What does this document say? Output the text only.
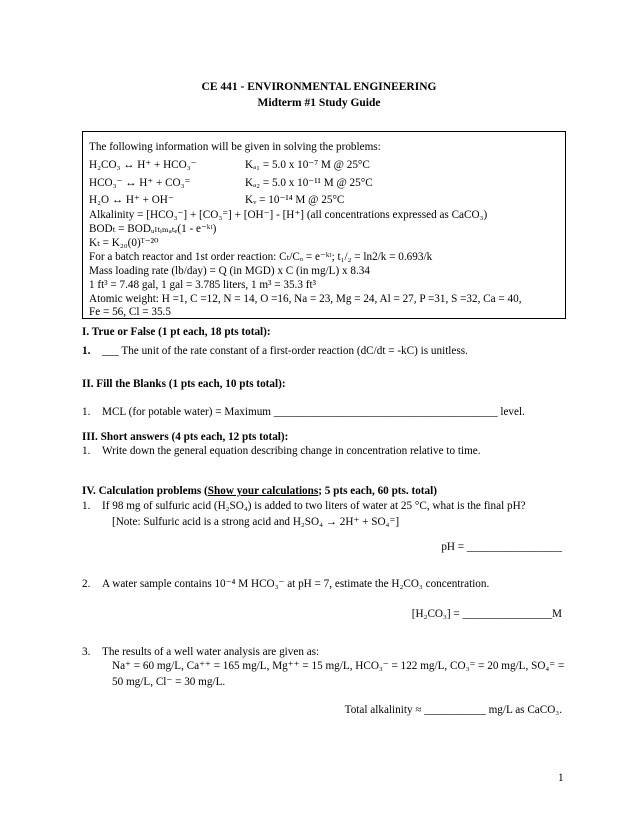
CE 441 - ENVIRONMENTAL ENGINEERING
Midterm #1 Study Guide
The following information will be given in solving the problems:
H₂CO₃ ↔ H⁺ + HCO₃⁻	Kₐ₁ = 5.0 x 10⁻⁷ M @ 25°C
HCO₃⁻ ↔ H⁺ + CO₃⁼	Kₐ₂ = 5.0 x 10⁻¹¹ M @ 25°C
H₂O ↔ H⁺ + OH⁻	Kᵥ = 10⁻¹⁴ M @ 25°C
Alkalinity = [HCO₃⁻] + [CO₃⁼] + [OH⁻] - [H⁺] (all concentrations expressed as CaCO₃)
BODₜ = BODᵤₗₜᵢₘₐₜₑ(1 - e⁻ᵏᵗ)
Kₜ = K₂₀(0)ᵀ⁻²⁰
For a batch reactor and 1st order reaction: Cₜ/Cₒ = e⁻ᵏᵗ; t₁/₂ = ln2/k = 0.693/k
Mass loading rate (lb/day) = Q (in MGD) x C (in mg/L) x 8.34
1 ft³ = 7.48 gal, 1 gal = 3.785 liters, 1 m³ = 35.3 ft³
Atomic weight: H =1, C =12, N = 14, O =16, Na = 23, Mg = 24, Al = 27, P =31, S =32, Ca = 40,
Fe = 56, Cl = 35.5
I. True or False (1 pt each, 18 pts total):
1. ___ The unit of the rate constant of a first-order reaction (dC/dt = -kC) is unitless.
II. Fill the Blanks (1 pts each, 10 pts total):
1. MCL (for potable water) = Maximum ________________________________________ level.
III. Short answers (4 pts each, 12 pts total):
1. Write down the general equation describing change in concentration relative to time.
IV. Calculation problems (Show your calculations; 5 pts each, 60 pts. total)
1. If 98 mg of sulfuric acid (H₂SO₄) is added to two liters of water at 25 °C, what is the final pH?
[Note: Sulfuric acid is a strong acid and H₂SO₄ → 2H⁺ + SO₄⁼]
pH = _________________
2. A water sample contains 10⁻⁴ M HCO₃⁻ at pH = 7, estimate the H₂CO₃ concentration.
[H₂CO₃] = ________________M
3. The results of a well water analysis are given as:
Na⁺ = 60 mg/L, Ca⁺⁺ = 165 mg/L, Mg⁺⁺ = 15 mg/L, HCO₃⁻ = 122 mg/L, CO₃⁼ = 20 mg/L, SO₄⁼ =
50 mg/L, Cl⁻ = 30 mg/L.
Total alkalinity ≈ ___________ mg/L as CaCO₃.
1
